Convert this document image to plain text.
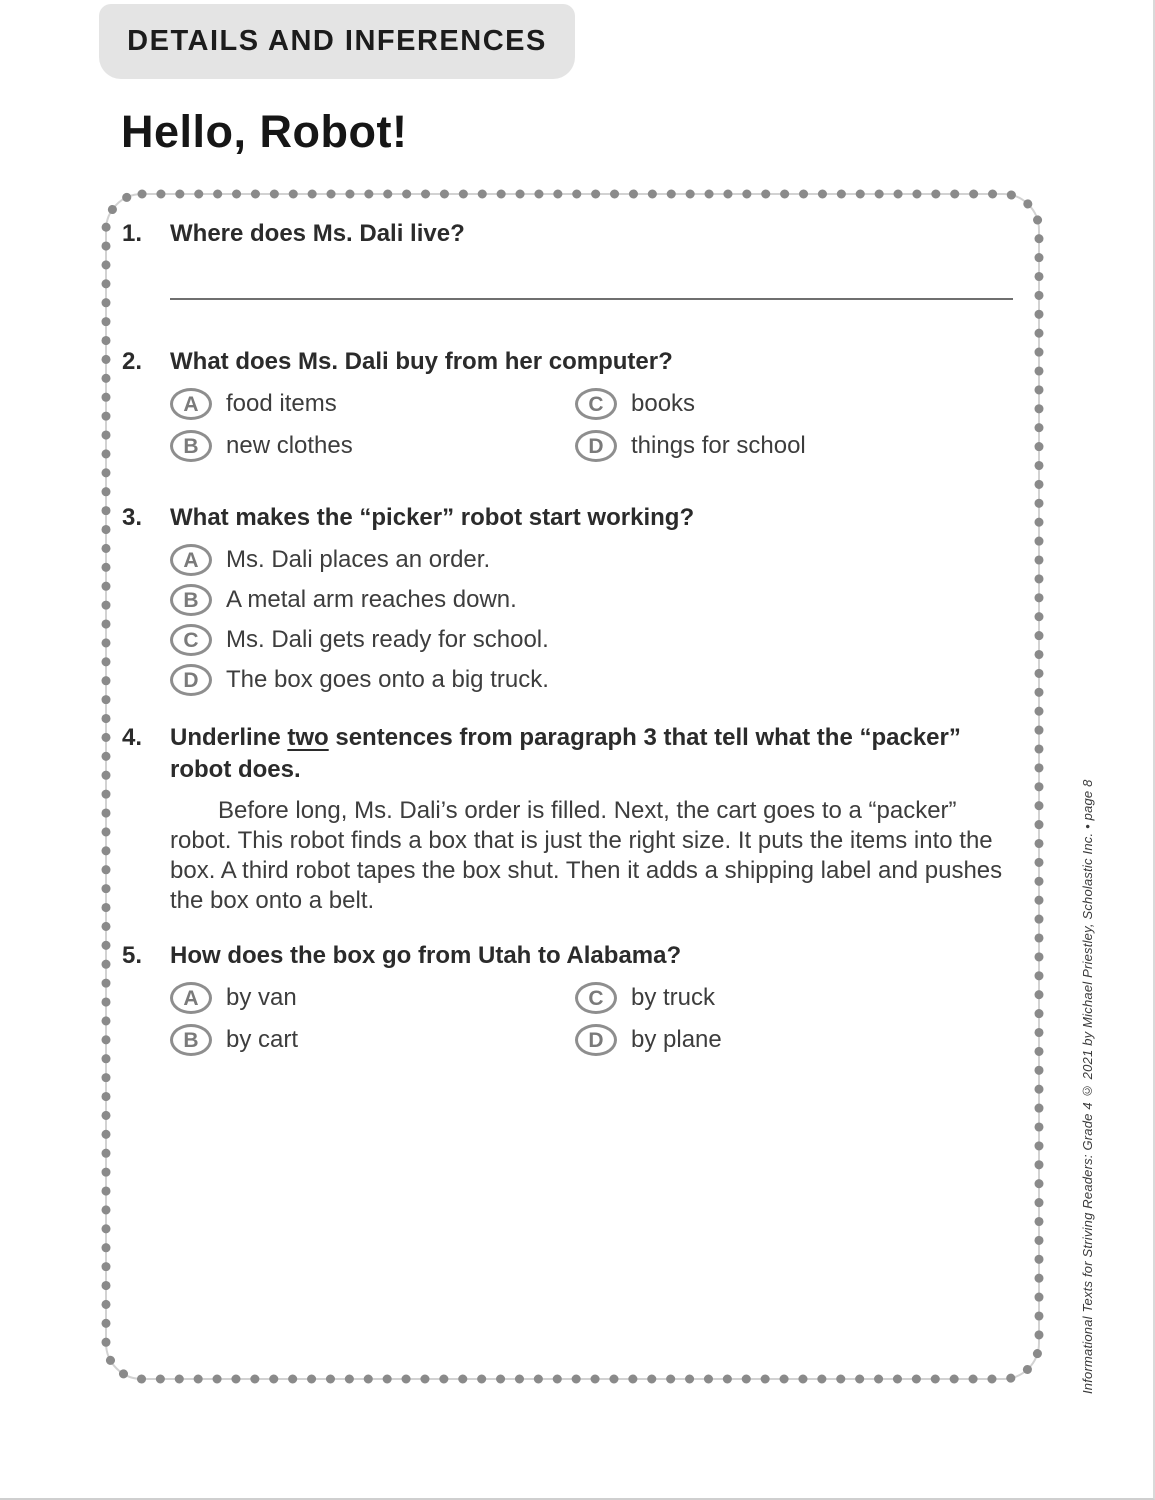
DETAILS AND INFERENCES
Hello, Robot!
1.	Where does Ms. Dali live?
2.	What does Ms. Dali buy from her computer?
A food items	C books
B new clothes	D things for school
3.	What makes the “picker” robot start working?
A Ms. Dali places an order.
B A metal arm reaches down.
C Ms. Dali gets ready for school.
D The box goes onto a big truck.
4.	Underline two sentences from paragraph 3 that tell what the “packer” robot does.
Before long, Ms. Dali’s order is filled. Next, the cart goes to a “packer” robot. This robot finds a box that is just the right size. It puts the items into the box. A third robot tapes the box shut. Then it adds a shipping label and pushes the box onto a belt.
5.	How does the box go from Utah to Alabama?
A by van	C by truck
B by cart	D by plane	Informational Texts for Striving Readers: Grade 4 © 2021 by Michael Priestley, Scholastic Inc. • page 8
